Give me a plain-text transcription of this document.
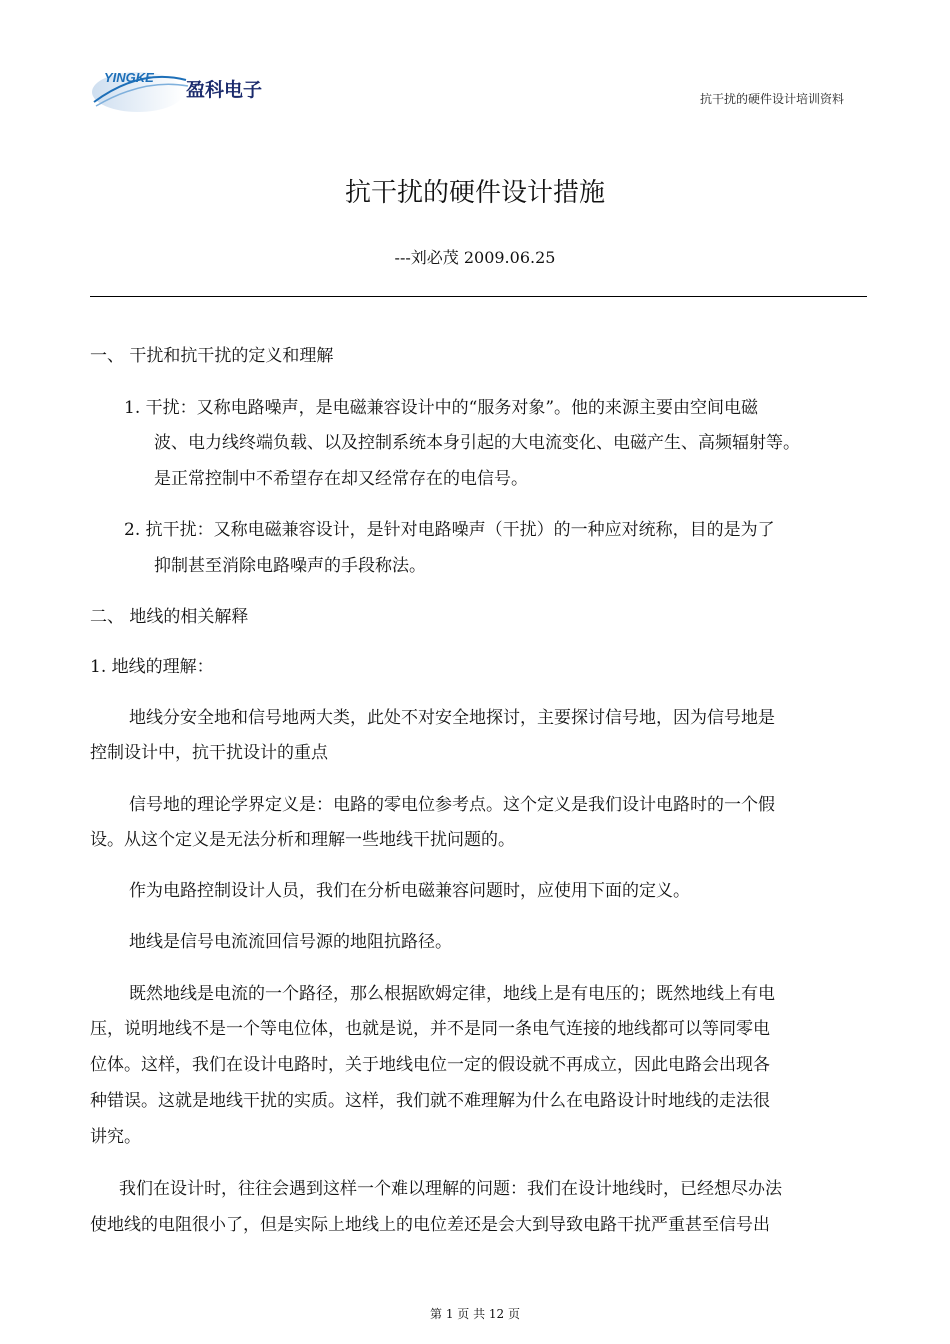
YINGKE
盈科电子	抗干扰的硬件设计培训资料
抗干扰的硬件设计措施
---刘必茂 2009.06.25
一、 干扰和抗干扰的定义和理解
1. 干扰：又称电路噪声，是电磁兼容设计中的“服务对象”。他的来源主要由空间电磁
波、电力线终端负载、以及控制系统本身引起的大电流变化、电磁产生、高频辐射等。
是正常控制中不希望存在却又经常存在的电信号。
2. 抗干扰：又称电磁兼容设计，是针对电路噪声（干扰）的一种应对统称，目的是为了
抑制甚至消除电路噪声的手段称法。
二、 地线的相关解释
1. 地线的理解：
地线分安全地和信号地两大类，此处不对安全地探讨，主要探讨信号地，因为信号地是
控制设计中，抗干扰设计的重点
信号地的理论学界定义是：电路的零电位参考点。这个定义是我们设计电路时的一个假
设。从这个定义是无法分析和理解一些地线干扰问题的。
作为电路控制设计人员，我们在分析电磁兼容问题时，应使用下面的定义。
地线是信号电流流回信号源的地阻抗路径。
既然地线是电流的一个路径，那么根据欧姆定律，地线上是有电压的；既然地线上有电
压，说明地线不是一个等电位体，也就是说，并不是同一条电气连接的地线都可以等同零电
位体。这样，我们在设计电路时，关于地线电位一定的假设就不再成立，因此电路会出现各
种错误。这就是地线干扰的实质。这样，我们就不难理解为什么在电路设计时地线的走法很
讲究。
我们在设计时，往往会遇到这样一个难以理解的问题：我们在设计地线时，已经想尽办法
使地线的电阻很小了，但是实际上地线上的电位差还是会大到导致电路干扰严重甚至信号出
第 1 页 共 12 页
